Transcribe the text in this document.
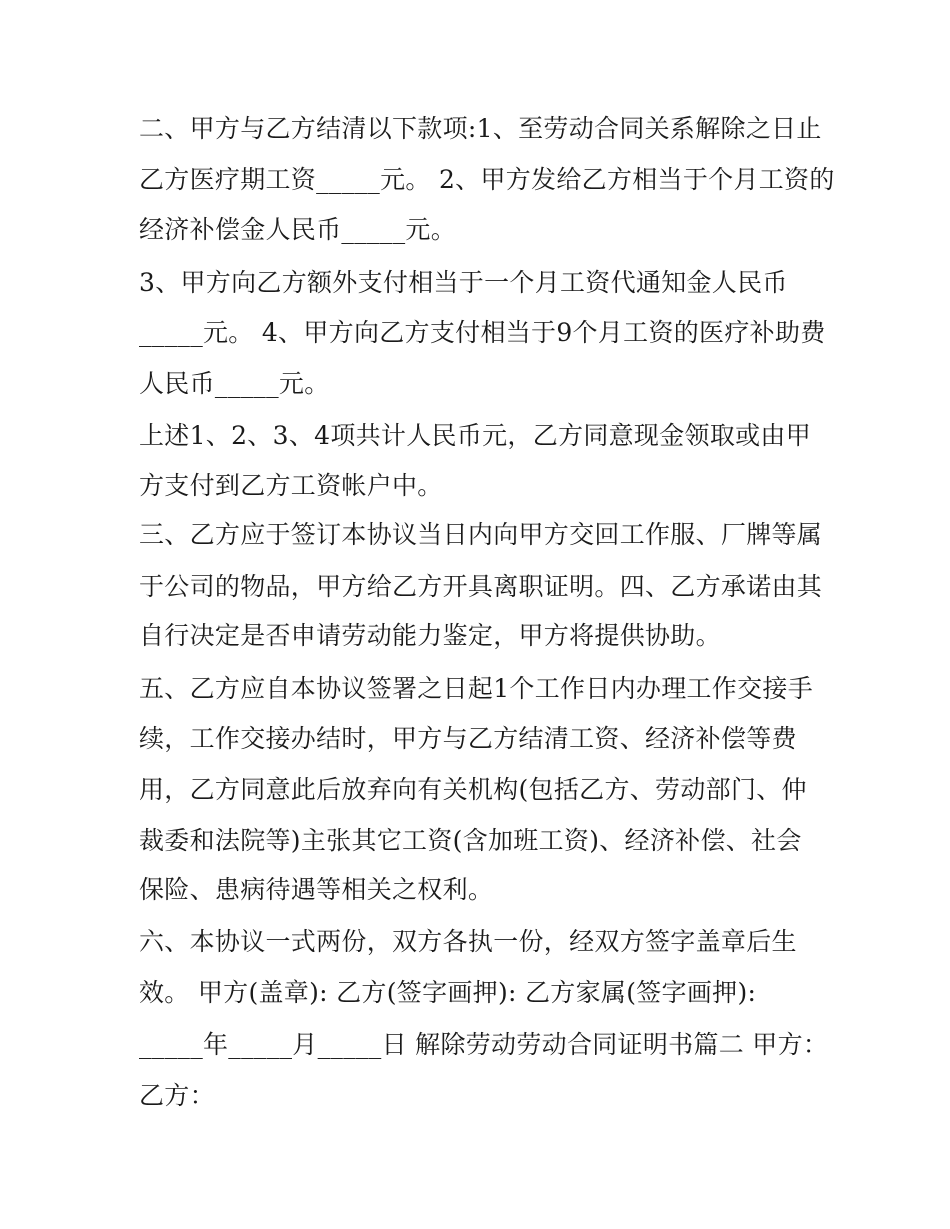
二、甲方与乙方结清以下款项:1、至劳动合同关系解除之日止
乙方医疗期工资_____元。 2、甲方发给乙方相当于个月工资的
经济补偿金人民币_____元。
3、甲方向乙方额外支付相当于一个月工资代通知金人民币
_____元。 4、甲方向乙方支付相当于9个月工资的医疗补助费
人民币_____元。
上述1、2、3、4项共计人民币元，乙方同意现金领取或由甲
方支付到乙方工资帐户中。
三、乙方应于签订本协议当日内向甲方交回工作服、厂牌等属
于公司的物品，甲方给乙方开具离职证明。四、乙方承诺由其
自行决定是否申请劳动能力鉴定，甲方将提供协助。
五、乙方应自本协议签署之日起1个工作日内办理工作交接手
续，工作交接办结时，甲方与乙方结清工资、经济补偿等费
用，乙方同意此后放弃向有关机构(包括乙方、劳动部门、仲
裁委和法院等)主张其它工资(含加班工资)、经济补偿、社会
保险、患病待遇等相关之权利。
六、本协议一式两份，双方各执一份，经双方签字盖章后生
效。 甲方(盖章): 乙方(签字画押): 乙方家属(签字画押):
_____年_____月_____日 解除劳动劳动合同证明书篇二 甲方：
乙方：
